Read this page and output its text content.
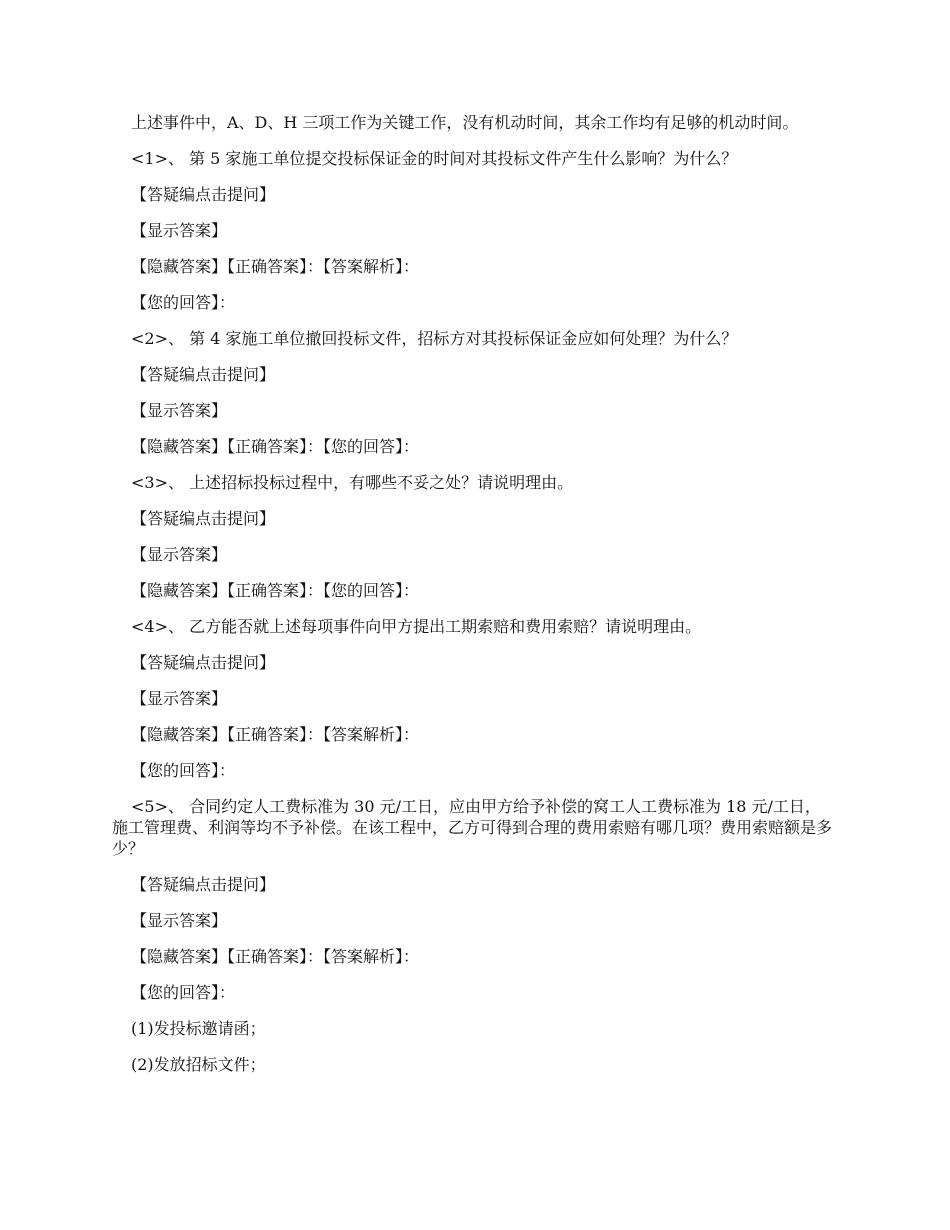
上述事件中，A、D、H 三项工作为关键工作，没有机动时间，其余工作均有足够的机动时间。

<1>、 第 5 家施工单位提交投标保证金的时间对其投标文件产生什么影响？为什么？

【答疑编点击提问】

【显示答案】

【隐藏答案】【正确答案】：【答案解析】：

【您的回答】：

<2>、 第 4 家施工单位撤回投标文件，招标方对其投标保证金应如何处理？为什么？

【答疑编点击提问】

【显示答案】

【隐藏答案】【正确答案】：【您的回答】：

<3>、 上述招标投标过程中，有哪些不妥之处？请说明理由。

【答疑编点击提问】

【显示答案】

【隐藏答案】【正确答案】：【您的回答】：

<4>、 乙方能否就上述每项事件向甲方提出工期索赔和费用索赔？请说明理由。

【答疑编点击提问】

【显示答案】

【隐藏答案】【正确答案】：【答案解析】：

【您的回答】：

<5>、 合同约定人工费标准为 30 元/工日，应由甲方给予补偿的窝工人工费标准为 18 元/工日，施工管理费、利润等均不予补偿。在该工程中，乙方可得到合理的费用索赔有哪几项？费用索赔额是多少？

【答疑编点击提问】

【显示答案】

【隐藏答案】【正确答案】：【答案解析】：

【您的回答】：

(1)发投标邀请函；

(2)发放招标文件；
